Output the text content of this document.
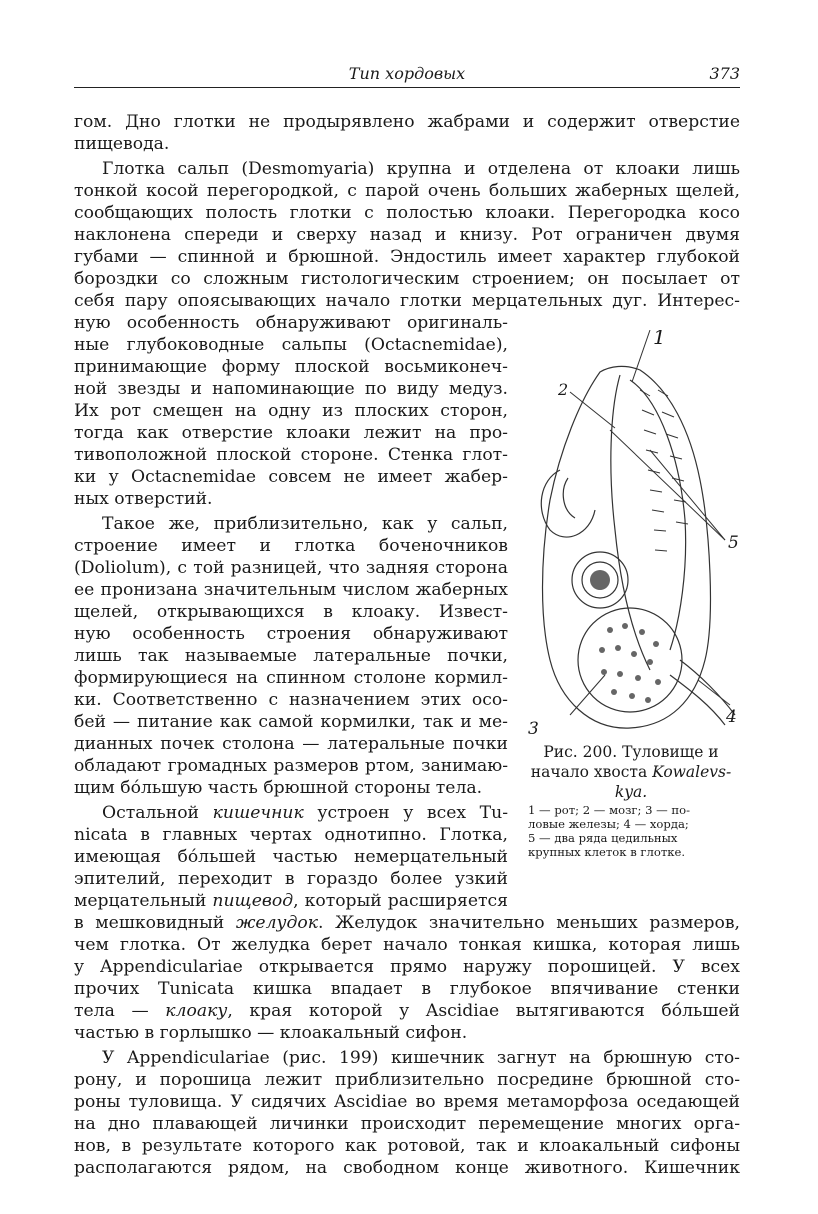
Тип хордовых	373
гом. Дно глотки не продырявлено жабрами и содержит отверстие
пищевода.
Глотка сальп (Desmomyaria) крупна и отделена от клоаки лишь
тонкой косой перегородкой, с парой очень больших жаберных щелей,
сообщающих полость глотки с полостью клоаки. Перегородка косо
наклонена спереди и сверху назад и книзу. Рот ограничен двумя
губами — спинной и брюшной. Эндостиль имеет характер глубокой
бороздки со сложным гистологическим строением; он посылает от
себя пару опоясывающих начало глотки мерцательных дуг. Интерес-
ную особенность обнаруживают оригиналь-
ные глубоководные сальпы (Octacnemidae),
принимающие форму плоской восьмиконеч-
ной звезды и напоминающие по виду медуз.
Их рот смещен на одну из плоских сторон,
тогда как отверстие клоаки лежит на про-
тивоположной плоской стороне. Стенка глот-
ки у Octacnemidae совсем не имеет жабер-
ных отверстий.
Такое же, приблизительно, как у сальп,
строение имеет и глотка боченочников
(Doliolum), с той разницей, что задняя сторона
ее пронизана значительным числом жаберных
щелей, открывающихся в клоаку. Извест-
ную особенность строения обнаруживают
лишь так называемые латеральные почки,
формирующиеся на спинном столоне кормил-
ки. Соответственно с назначением этих осо-
бей — питание как самой кормилки, так и ме-
дианных почек столона — латеральные почки
обладают громадных размеров ртом, занимаю-
щим бо́льшую часть брюшной стороны тела.
Остальной кишечник устроен у всех Tu-
nicata в главных чертах однотипно. Глотка,
имеющая бо́льшей частью немерцательный
эпителий, переходит в гораздо более узкий
мерцательный пищевод, который расширяется
в мешковидный желудок. Желудок значительно меньших размеров,
чем глотка. От желудка берет начало тонкая кишка, которая лишь
у Appendiculariae открывается прямо наружу порошицей. У всех
прочих Tunicata кишка впадает в глубокое впячивание стенки
тела — клоаку, края которой у Ascidiae вытягиваются бо́льшей
частью в горлышко — клоакальный сифон.
У Appendiculariae (рис. 199) кишечник загнут на брюшную сто-
рону, и порошица лежит приблизительно посредине брюшной сто-
роны туловища. У сидячих Ascidiae во время метаморфоза оседающей
на дно плавающей личинки происходит перемещение многих орга-
нов, в результате которого как ротовой, так и клоакальный сифоны
располагаются рядом, на свободном конце животного. Кишечник
1
2
3
4
5
Рис. 200. Туловище и
начало хвоста Kowalevs-
kya.
1 — рот; 2 — мозг; 3 — по-
ловые железы; 4 — хорда;
5 — два ряда цедильных
крупных клеток в глотке.
